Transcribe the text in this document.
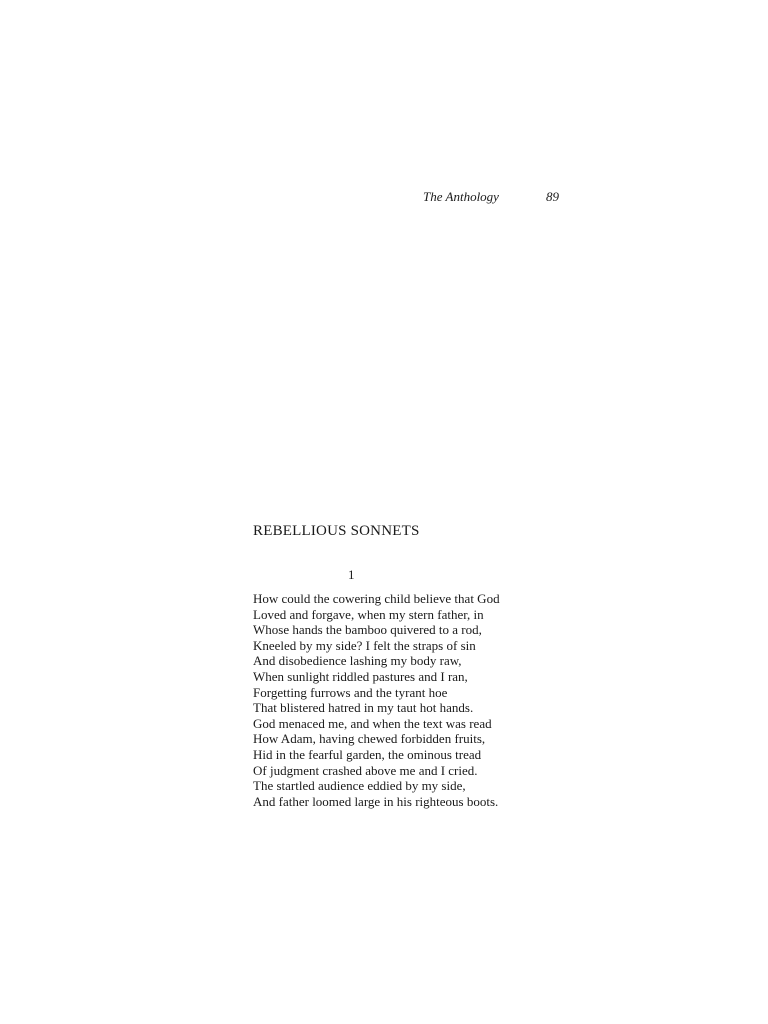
The Anthology	89
REBELLIOUS SONNETS
1
How could the cowering child believe that God
Loved and forgave, when my stern father, in
Whose hands the bamboo quivered to a rod,
Kneeled by my side? I felt the straps of sin
And disobedience lashing my body raw,
When sunlight riddled pastures and I ran,
Forgetting furrows and the tyrant hoe
That blistered hatred in my taut hot hands.
God menaced me, and when the text was read
How Adam, having chewed forbidden fruits,
Hid in the fearful garden, the ominous tread
Of judgment crashed above me and I cried.
The startled audience eddied by my side,
And father loomed large in his righteous boots.
